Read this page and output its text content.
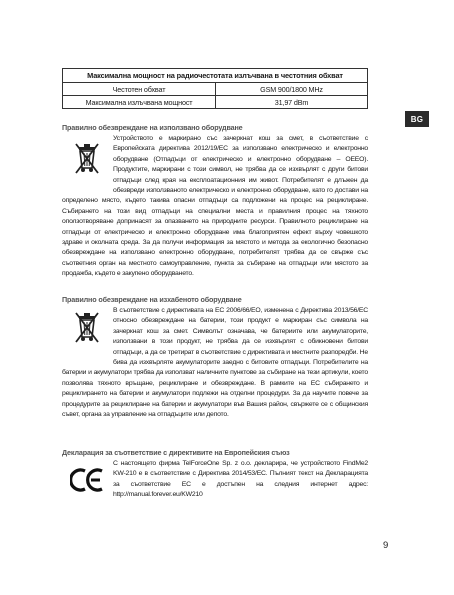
Максимална мощност на радиочестотата излъчвана в честотния обхват	
Честотен обхват	GSM 900/1800 MHz
Максимална излъчвана мощност	31,97 dBm
BG
Правилно обезвреждане на използвано оборудване
Устройството е маркирано със зачеркнат кош за смет, в съответствие с Европейската директива 2012/19/ЕС за използвано електрическо и електронно оборудване (Отпадъци от електрическо и електронно оборудване – OEEO). Продуктите, маркирани с този символ, не трябва да се изхвърлят с други битови отпадъци след края на експлоатационния им живот. Потребителят е длъжен да обезвреди използваното електрическо и електронно оборудване, като го достави на определено място, където такива опасни отпадъци са подложени на процес на рециклиране. Събирането на този вид отпадъци на специални места и правилния процес на тяхното оползотворяване допринасят за опазването на природните ресурси. Правилното рециклиране на отпадъци от електрическо и електронно оборудване има благоприятен ефект върху човешкото здраве и околната среда. За да получи информация за мястото и метода за екологично безопасно обезвреждане на използвано електронно оборудване, потребителят трябва да се свърже със съответния орган на местното самоуправление, пункта за събиране на отпадъци или мястото за продажба, където е закупено оборудването.
Правилно обезвреждане на изхабеното оборудване
В съответствие с директивата на ЕС 2006/66/ЕО, изменена с Директива 2013/56/ЕС относно обезвреждане на батерии, този продукт е маркиран със символа на зачеркнат кош за смет. Символът означава, че батериите или акумулаторите, използвани в този продукт, не трябва да се изхвърлят с обикновени битови отпадъци, а да се третират в съответствие с директивата и местните разпоредби. Не бива да изхвърляте акумулаторите заедно с битовите отпадъци. Потребителите на батерии и акумулатори трябва да използват наличните пунктове за събиране на тези артикули, което позволява тяхното връщане, рециклиране и обезвреждане. В рамките на ЕС събирането и рециклирането на батерии и акумулатори подлежи на отделни процедури. За да научите повече за процедурите за рециклиране на батерии и акумулатори във Вашия район, свържете се с общинския съвет, органа за управление на отпадъците или депото.
Декларация за съответствие с директивите на Европейския съюз
С настоящето фирма TelForceOne Sp. z o.o. декларира, че устройството FindMe2 KW-210 е в съответствие с Директива 2014/53/ЕС. Пълният текст на Декларацията за съответствие ЕС е достъпен на следния интернет адрес: http://manual.forever.eu/KW210
9
